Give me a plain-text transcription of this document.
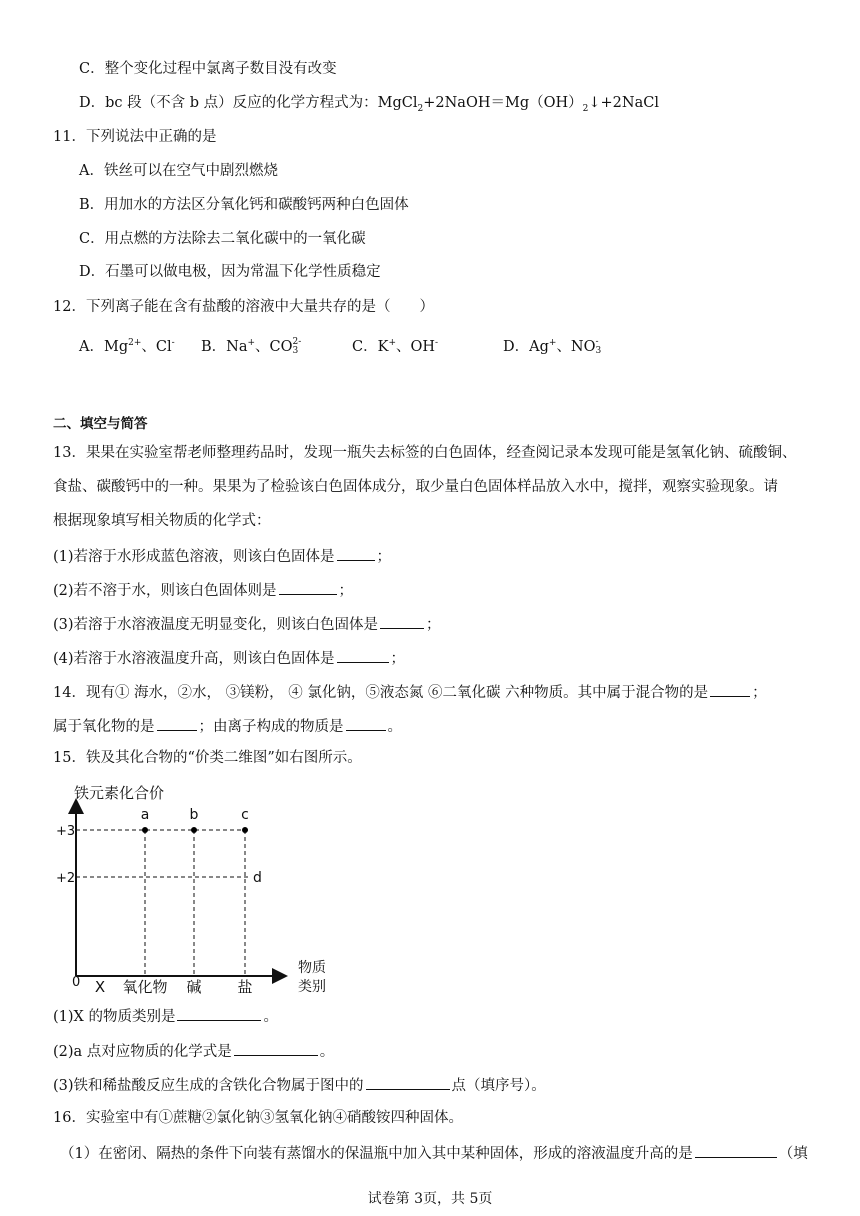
C．整个变化过程中氯离子数目没有改变
D．bc 段（不含 b 点）反应的化学方程式为：$MgCl_2+2NaOH=Mg(OH)_2↓+2NaCl$
11．下列说法中正确的是
A．铁丝可以在空气中剧烈燃烧
B．用加水的方法区分氧化钙和碳酸钙两种白色固体
C．用点燃的方法除去二氧化碳中的一氧化碳
D．石墨可以做电极，因为常温下化学性质稳定
12．下列离子能在含有盐酸的溶液中大量共存的是（　　）
A．$Mg^{2+}$、Cl- B．Na+、CO 2-
3	C．K+、OH-	D．Ag+、NO -
3
二、填空与简答
13．果果在实验室帮老师整理药品时，发现一瓶失去标签的白色固体，经查阅记录本发现可能是氢氧化钠、硫酸铜、
食盐、碳酸钙中的一种。果果为了检验该白色固体成分，取少量白色固体样品放入水中，搅拌，观察实验现象。请
根据现象填写相关物质的化学式：
(1)若溶于水形成蓝色溶液，则该白色固体是	；
(2)若不溶于水，则该白色固体则是	；
(3)若溶于水溶液温度无明显变化，则该白色固体是	；
(4)若溶于水溶液温度升高，则该白色固体是	；
14．现有① 海水，②水， ③镁粉， ④ 氯化钠，⑤液态氮 ⑥二氧化碳 六种物质。其中属于混合物的是	；
属于氧化物的是	；由离子构成的物质是	。
15．铁及其化合物的“价类二维图”如右图所示。
铁元素化合价
物质
类别
0
+3
+2
X 氧化物 碱 盐
a	b	c
d
(1)X 的物质类别是	。
(2)a 点对应物质的化学式是	。
(3)铁和稀盐酸反应生成的含铁化合物属于图中的	点（填序号）。
16．实验室中有①蔗糖②氯化钠③氢氧化钠④硝酸铵四种固体。
（1）在密闭、隔热的条件下向装有蒸馏水的保温瓶中加入其中某种固体，形成的溶液温度升高的是	（填
试卷第 3页，共 5页
